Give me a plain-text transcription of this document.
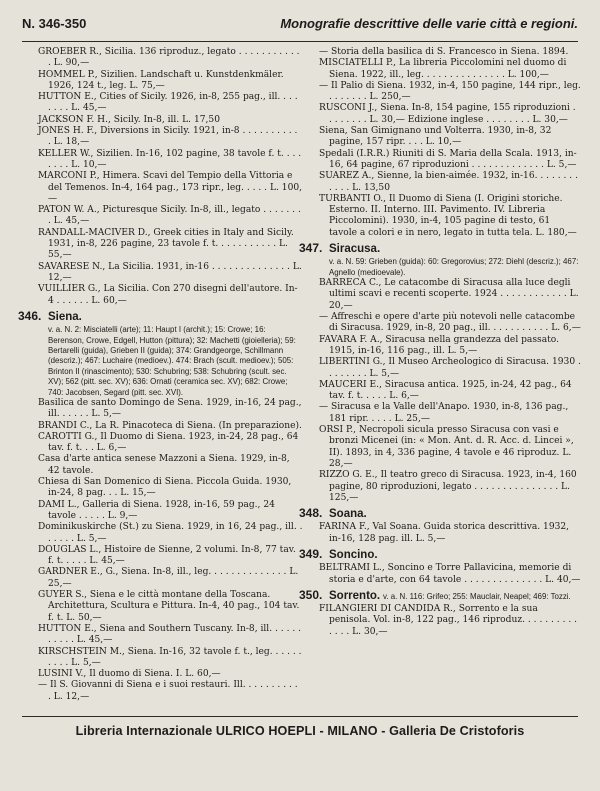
N. 346-350	Monografie descrittive delle varie città e regioni.

GROEBER R., Sicilia. 136 riproduz., legato . . . . . . . . . . . . L. 90,—

HOMMEL P., Sizilien. Landschaft u. Kunstdenkmäler. 1926, 124 t., leg. L. 75,—

HUTTON E., Cities of Sicily. 1926, in-8, 255 pag., ill. . . . . . . . L. 45,—

JACKSON F. H., Sicily. In-8, ill. L. 17,50

JONES H. F., Diversions in Sicily. 1921, in-8 . . . . . . . . . . . L. 18,—

KELLER W., Sizilien. In-16, 102 pagine, 38 tavole f. t. . . . . . . . L. 10,—

MARCONI P., Himera. Scavi del Tempio della Vittoria e del Temenos. In-4, 164 pag., 173 ripr., leg. . . . . L. 100,—

PATON W. A., Picturesque Sicily. In-8, ill., legato . . . . . . . . L. 45,—

RANDALL-MACIVER D., Greek cities in Italy and Sicily. 1931, in-8, 226 pagine, 23 tavole f. t. . . . . . . . . . . L. 55,—

SAVARESE N., La Sicilia. 1931, in-16 . . . . . . . . . . . . . . L. 12,—

VUILLIER G., La Sicilia. Con 270 disegni dell'autore. In-4 . . . . . . L. 60,—

346. Siena.
v. a. N. 2: Misciatelli (arte); 11: Haupt I (archit.); 15: Crowe; 16: Berenson, Crowe, Edgell, Hutton (pittura); 32: Machetti (gioielleria); 59: Bertarelli (guida), Grieben II (guida); 374: Grandgeorge, Schillmann (descriz.); 467: Luchaire (medioev.). 474: Brach (scult. medioev.); 505: Brinton II (rinascimento); 530: Schubring; 538: Schubring (scult. sec. XV); 562 (pitt. sec. XV); 636: Ornati (ceramica sec. XV); 682: Crowe; 740: Jacobsen, Segard (pitt. sec. XVI).

Basilica de santo Domingo de Sena. 1929, in-16, 24 pag., ill. . . . . . L. 5,—

BRANDI C., La R. Pinacoteca di Siena. (In preparazione).

CAROTTI G., Il Duomo di Siena. 1923, in-24, 28 pag., 64 tav. f. t. . . L. 6,—

Casa d'arte antica senese Mazzoni a Siena. 1929, in-8, 42 tavole.

Chiesa di San Domenico di Siena. Piccola Guida. 1930, in-24, 8 pag. . . L. 15,—

DAMI L., Galleria di Siena. 1928, in-16, 59 pag., 24 tavole . . . . . L. 9,—

Dominikuskirche (St.) zu Siena. 1929, in 16, 24 pag., ill. . . . . . . L. 5,—

DOUGLAS L., Histoire de Sienne, 2 volumi. In-8, 77 tav. f. t. . . . . L. 45,—

GARDNER E., G., Siena. In-8, ill., leg. . . . . . . . . . . . . . L. 25,—

GUYER S., Siena e le città montane della Toscana. Architettura, Scultura e Pittura. In-4, 40 pag., 104 tav. f. t. L. 50,—

HUTTON E., Siena and Southern Tuscany. In-8, ill. . . . . . . . . . . L. 45,—

KIRSCHSTEIN M., Siena. In-16, 32 tavole f. t., leg. . . . . . . . . . L. 5,—

LUSINI V., Il duomo di Siena. I. L. 60,—

— Il S. Giovanni di Siena e i suoi restauri. Ill. . . . . . . . . . . L. 12,—

— Storia della basilica di S. Francesco in Siena. 1894.

MISCIATELLI P., La libreria Piccolomini nel duomo di Siena. 1922, ill., leg. . . . . . . . . . . . . . . L. 100,—

— Il Palio di Siena. 1932, in-4, 150 pagine, 144 ripr., leg. . . . . . . . L. 250,—

RUSCONI J., Siena. In-8, 154 pagine, 155 riproduzioni . . . . . . . . L. 30,— Edizione inglese . . . . . . . . L. 30,—

Siena, San Gimignano und Volterra. 1930, in-8, 32 pagine, 157 ripr. . . . L. 10,—

Spedali (I.R.R.) Riuniti di S. Maria della Scala. 1913, in-16, 64 pagine, 67 riproduzioni . . . . . . . . . . . . . L. 5,—

SUAREZ A., Sienne, la bien-aimée. 1932, in-16. . . . . . . . . . . . L. 13,50

TURBANTI O., Il Duomo di Siena (I. Origini storiche. Esterno. II. Interno. III. Pavimento. IV. Libreria Piccolomini). 1930, in-4, 105 pagine di testo, 61 tavole a colori e in nero, legato in tutta tela. L. 180,—

347. Siracusa.
v. a. N. 59: Grieben (guida): 60: Gregorovius; 272: Diehl (descriz.); 467: Agnello (medioevale).

BARRECA C., Le catacombe di Siracusa alla luce degli ultimi scavi e recenti scoperte. 1924 . . . . . . . . . . . . L. 20,—

— Affreschi e opere d'arte più notevoli nelle catacombe di Siracusa. 1929, in-8, 20 pag., ill. . . . . . . . . . . L. 6,—

FAVARA F. A., Siracusa nella grandezza del passato. 1915, in-16, 116 pag., ill. L. 5,—

LIBERTINI G., Il Museo Archeologico di Siracusa. 1930 . . . . . . . . L. 5,—

MAUCERI E., Siracusa antica. 1925, in-24, 42 pag., 64 tav. f. t. . . . . L. 6,—

— Siracusa e la Valle dell'Anapo. 1930, in-8, 136 pag., 181 ripr. . . . . L. 25,—

ORSI P., Necropoli sicula presso Siracusa con vasi e bronzi Micenei (in: « Mon. Ant. d. R. Acc. d. Lincei », II). 1893, in 4, 336 pagine, 4 tavole e 46 riproduz. L. 28,—

RIZZO G. E., Il teatro greco di Siracusa. 1923, in-4, 160 pagine, 80 riproduzioni, legato . . . . . . . . . . . . . . . L. 125,—

348. Soana.

FARINA F., Val Soana. Guida storica descrittiva. 1932, in-16, 128 pag. ill. L. 5,—

349. Soncino.

BELTRAMI L., Soncino e Torre Pallavicina, memorie di storia e d'arte, con 64 tavole . . . . . . . . . . . . . . L. 40,—

350. Sorrento. v. a. N. 116: Grifeo; 255: Mauclair, Neapel; 469: Tozzi.

FILANGIERI DI CANDIDA R., Sorrento e la sua penisola. Vol. in-8, 122 pag., 146 riproduz. . . . . . . . . . . . . . L. 30,—

Libreria Internazionale ULRICO HOEPLI - MILANO - Galleria De Cristoforis
